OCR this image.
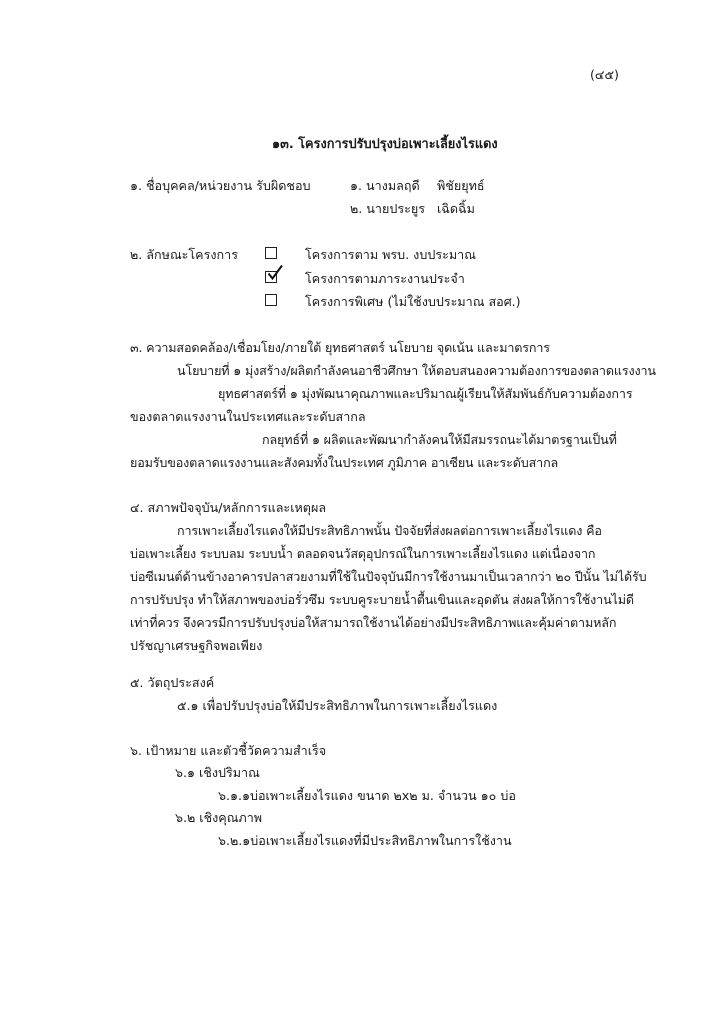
(๔๕)
๑๓. โครงการปรับปรุงบ่อเพาะเลี้ยงไรแดง
๑. ชื่อบุคคล/หน่วยงาน รับผิดชอบ	๑. นางมลฤดี พิชัยยุทธ์
๒. นายประยูร เฉิดฉิ้ม
๒. ลักษณะโครงการ	โครงการตาม พรบ. งบประมาณ
โครงการตามภาระงานประจำ
โครงการพิเศษ (ไม่ใช้งบประมาณ สอศ.)
๓. ความสอดคล้อง/เชื่อมโยง/ภายใต้ ยุทธศาสตร์ นโยบาย จุดเน้น และมาตรการ
นโยบายที่ ๑ มุ่งสร้าง/ผลิตกำลังคนอาชีวศึกษา ให้ตอบสนองความต้องการของตลาดแรงงาน
ยุทธศาสตร์ที่ ๑ มุ่งพัฒนาคุณภาพและปริมาณผู้เรียนให้สัมพันธ์กับความต้องการ
ของตลาดแรงงานในประเทศและระดับสากล
กลยุทธ์ที่ ๑ ผลิตและพัฒนากำลังคนให้มีสมรรถนะได้มาตรฐานเป็นที่
ยอมรับของตลาดแรงงานและสังคมทั้งในประเทศ ภูมิภาค อาเซียน และระดับสากล
๔. สภาพปัจจุบัน/หลักการและเหตุผล
การเพาะเลี้ยงไรแดงให้มีประสิทธิภาพนั้น ปัจจัยที่ส่งผลต่อการเพาะเลี้ยงไรแดง คือ
บ่อเพาะเลี้ยง ระบบลม ระบบน้ำ ตลอดจนวัสดุอุปกรณ์ในการเพาะเลี้ยงไรแดง แต่เนื่องจาก
บ่อซีเมนต์ด้านข้างอาคารปลาสวยงามที่ใช้ในปัจจุบันมีการใช้งานมาเป็นเวลากว่า ๒๐ ปีนั้น ไม่ได้รับ
การปรับปรุง ทำให้สภาพของบ่อรั่วซึม ระบบคูระบายน้ำตื้นเขินและอุดตัน ส่งผลให้การใช้งานไม่ดี
เท่าที่ควร จึงควรมีการปรับปรุงบ่อให้สามารถใช้งานได้อย่างมีประสิทธิภาพและคุ้มค่าตามหลัก
ปรัชญาเศรษฐกิจพอเพียง
๕. วัตถุประสงค์
๕.๑ เพื่อปรับปรุงบ่อให้มีประสิทธิภาพในการเพาะเลี้ยงไรแดง
๖. เป้าหมาย และตัวชี้วัดความสำเร็จ
๖.๑ เชิงปริมาณ
๖.๑.๑บ่อเพาะเลี้ยงไรแดง ขนาด ๒x๒ ม. จำนวน ๑๐ บ่อ
๖.๒ เชิงคุณภาพ
๖.๒.๑บ่อเพาะเลี้ยงไรแดงที่มีประสิทธิภาพในการใช้งาน
